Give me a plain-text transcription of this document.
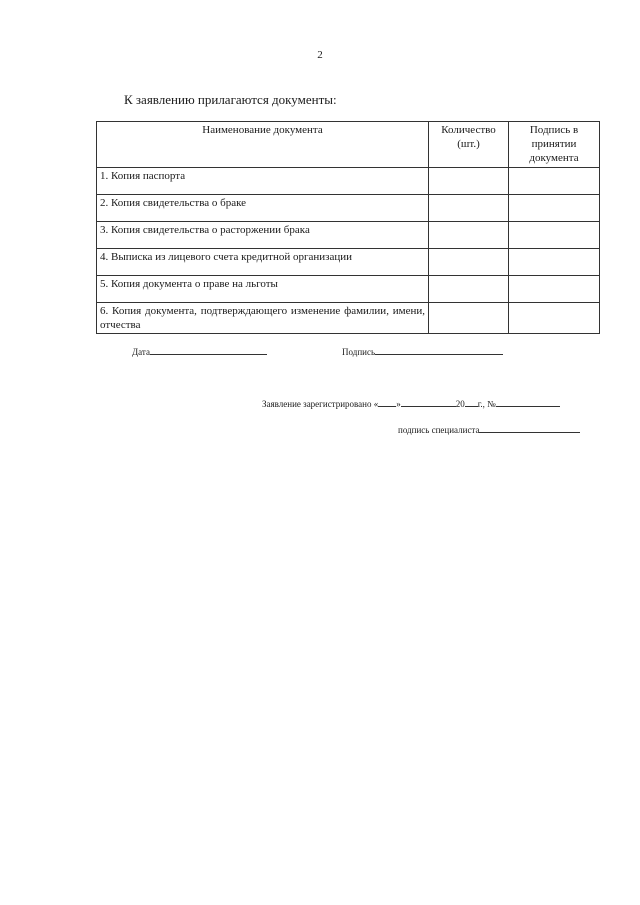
2
К заявлению прилагаются документы:
Наименование документа	Количество (шт.)	Подпись в принятии документа
1. Копия паспорта		
2. Копия свидетельства о браке		
3. Копия свидетельства о расторжении брака		
4. Выписка из лицевого счета кредитной организации		
5. Копия документа о праве на льготы		
6. Копия документа, подтверждающего изменение фамилии, имени, отчества		
Дата	Подпись
Заявление зарегистрировано « »	20 г., №
подпись специалиста
